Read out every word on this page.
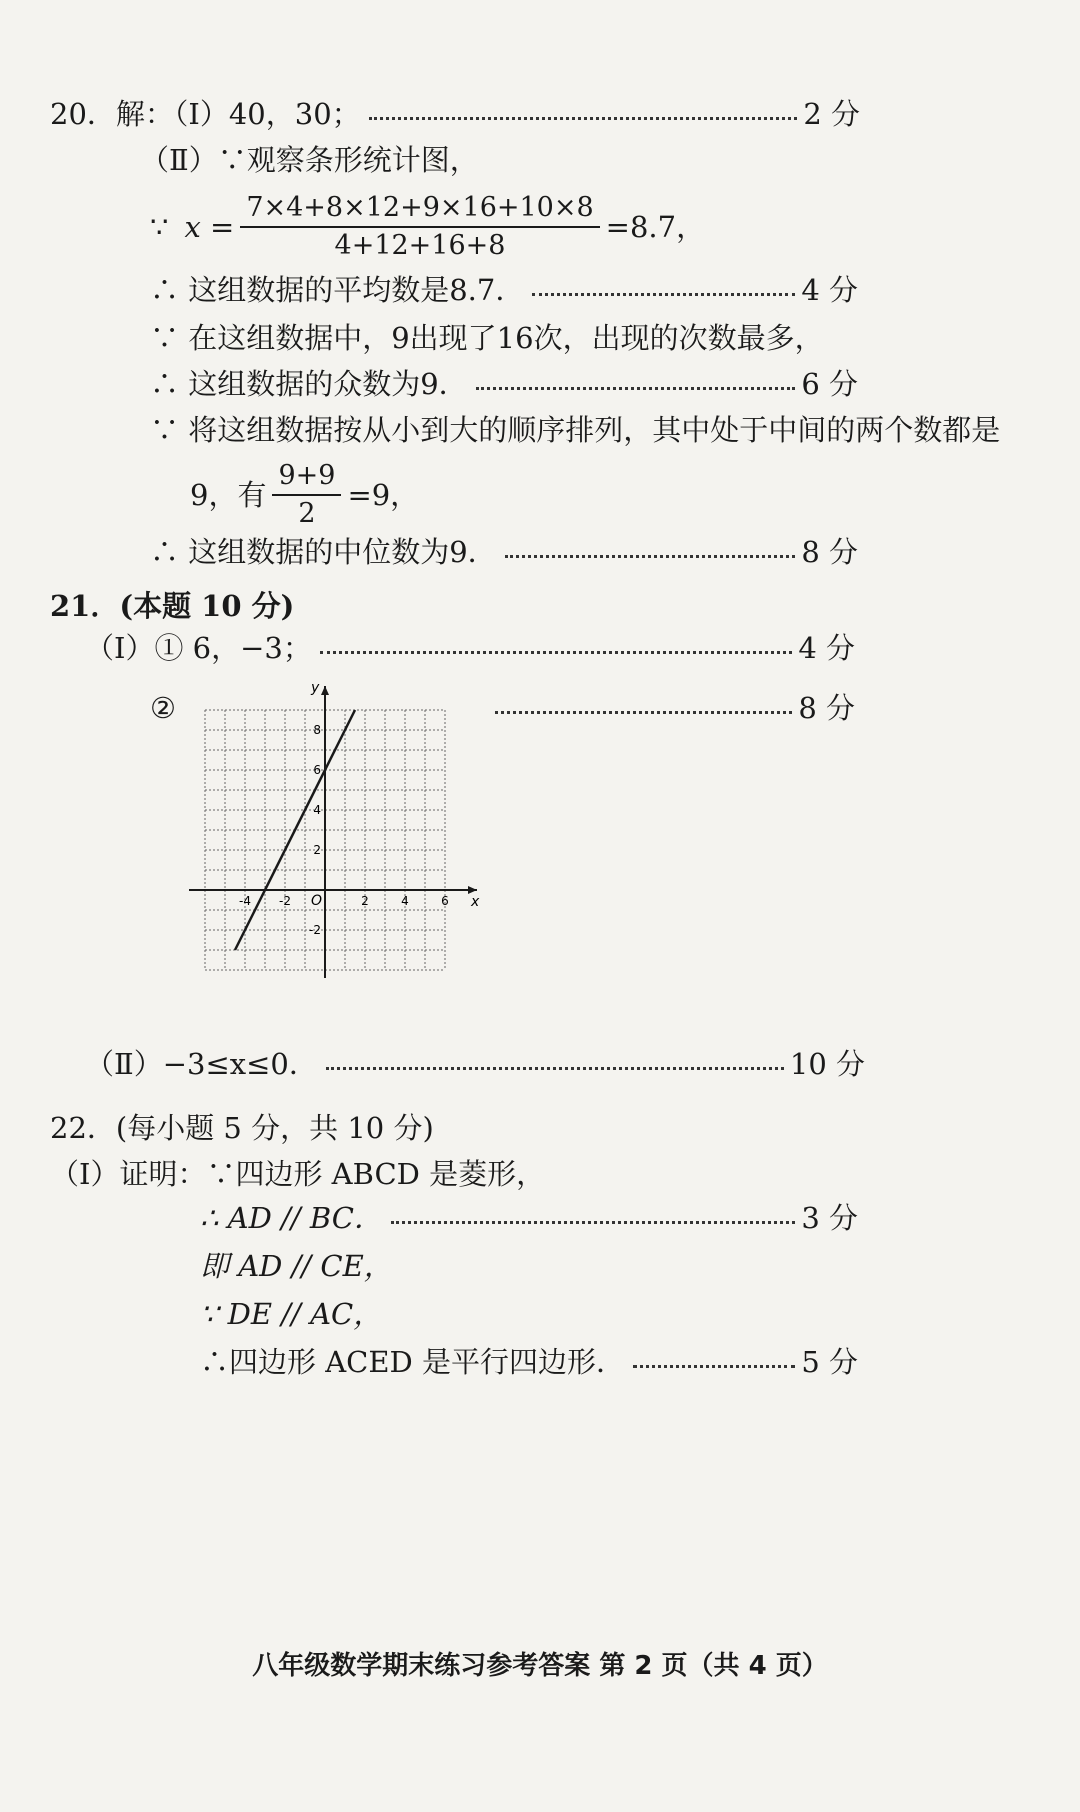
20．解：（Ⅰ）40，30；	2 分
（Ⅱ）∵观察条形统计图，
∵ $x = \frac{7\times 4+8\times 12+9\times 16+10\times 8}{4+12+16+8} =8.7$，
∴ 这组数据的平均数是8.7．	4 分
∵ 在这组数据中，9出现了16次，出现的次数最多，
∴ 这组数据的众数为9．	6 分
∵ 将这组数据按从小到大的顺序排列，其中处于中间的两个数都是
9，有 $\frac{9+9}{2} =9$，
∴ 这组数据的中位数为9．	8 分
21．(本题 10 分)
（Ⅰ）① 6，−3；	4 分
②	8 分
-4 -2	2	4	6
8
6
4
2
-2
x
y
O
（Ⅱ）−3≤x≤0．	10 分
22．(每小题 5 分，共 10 分)
（Ⅰ）证明：∵四边形 ABCD 是菱形，
∴ AD // BC．	3 分
即 AD // CE，
∵ DE // AC，
∴四边形 ACED 是平行四边形．	5 分
八年级数学期末练习参考答案 第 2 页（共 4 页）
